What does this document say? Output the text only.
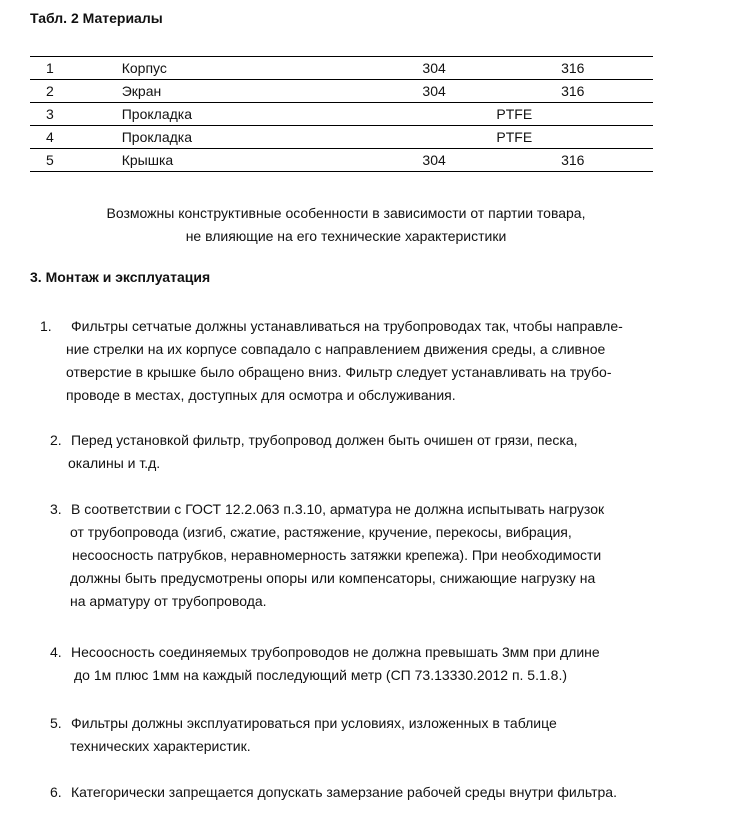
Табл. 2 Материалы
1	Корпус	304	316
2	Экран	304	316
3	Прокладка	PTFE	
4	Прокладка	PTFE	
5	Крышка	304	316
Возможны конструктивные особенности в зависимости от партии товара,
не влияющие на его технические характеристики
3. Монтаж и эксплуатация
1.	Фильтры сетчатые должны устанавливаться на трубопроводах так, чтобы направле-
ние стрелки на их корпусе совпадало с направлением движения среды, а сливное
отверстие в крышке было обращено вниз. Фильтр следует устанавливать на трубо-
проводе в местах, доступных для осмотра и обслуживания.
2. Перед установкой фильтр, трубопровод должен быть очишен от грязи, песка,
окалины и т.д.
3. В соответствии с ГОСТ 12.2.063 п.3.10, арматура не должна испытывать нагрузок
от трубопровода (изгиб, сжатие, растяжение, кручение, перекосы, вибрация,
несоосность патрубков, неравномерность затяжки крепежа). При необходимости
должны быть предусмотрены опоры или компенсаторы, снижающие нагрузку на
на арматуру от трубопровода.
4. Несоосность соединяемых трубопроводов не должна превышать 3мм при длине
до 1м плюс 1мм на каждый последующий метр (СП 73.13330.2012 п. 5.1.8.)
5. Фильтры должны эксплуатироваться при условиях, изложенных в таблице
технических характеристик.
6. Категорически запрещается допускать замерзание рабочей среды внутри фильтра.
